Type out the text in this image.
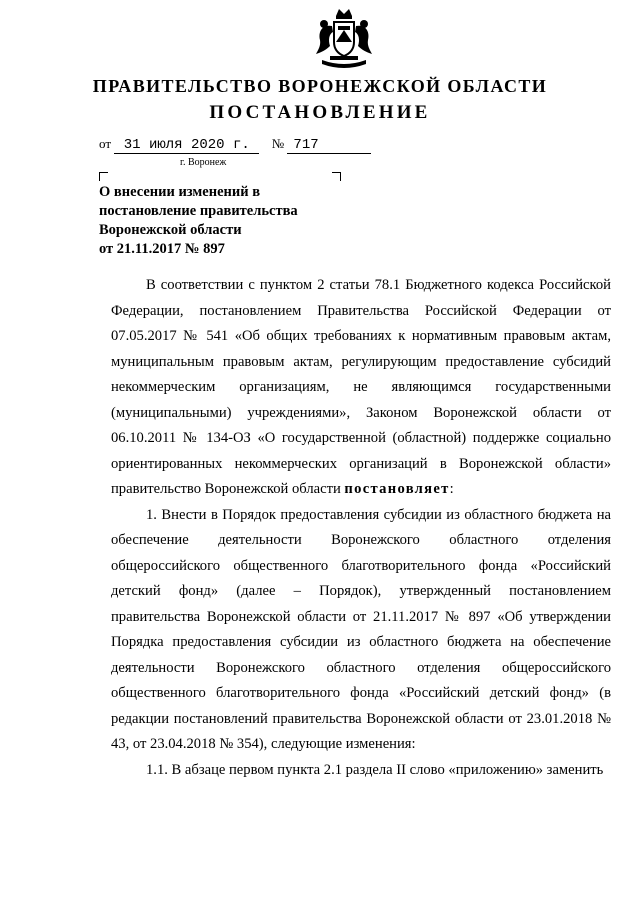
ПРАВИТЕЛЬСТВО ВОРОНЕЖСКОЙ ОБЛАСТИ
ПОСТАНОВЛЕНИЕ
от 31 июля 2020 г. № 717
г. Воронеж
О внесении изменений в
постановление правительства
Воронежской области
от 21.11.2017 № 897

В соответствии с пунктом 2 статьи 78.1 Бюджетного кодекса Российской Федерации, постановлением Правительства Российской Федерации от 07.05.2017 № 541 «Об общих требованиях к нормативным правовым актам, муниципальным правовым актам, регулирующим предоставление субсидий некоммерческим организациям, не являющимся государственными (муниципальными) учреждениями», Законом Воронежской области от 06.10.2011 № 134-ОЗ «О государственной (областной) поддержке социально ориентированных некоммерческих организаций в Воронежской области» правительство Воронежской области постановляет:

1. Внести в Порядок предоставления субсидии из областного бюджета на обеспечение деятельности Воронежского областного отделения общероссийского общественного благотворительного фонда «Российский детский фонд» (далее – Порядок), утвержденный постановлением правительства Воронежской области от 21.11.2017 № 897 «Об утверждении Порядка предоставления субсидии из областного бюджета на обеспечение деятельности Воронежского областного отделения общероссийского общественного благотворительного фонда «Российский детский фонд» (в редакции постановлений правительства Воронежской области от 23.01.2018 № 43, от 23.04.2018 № 354), следующие изменения:

1.1. В абзаце первом пункта 2.1 раздела II слово «приложению» заменить
